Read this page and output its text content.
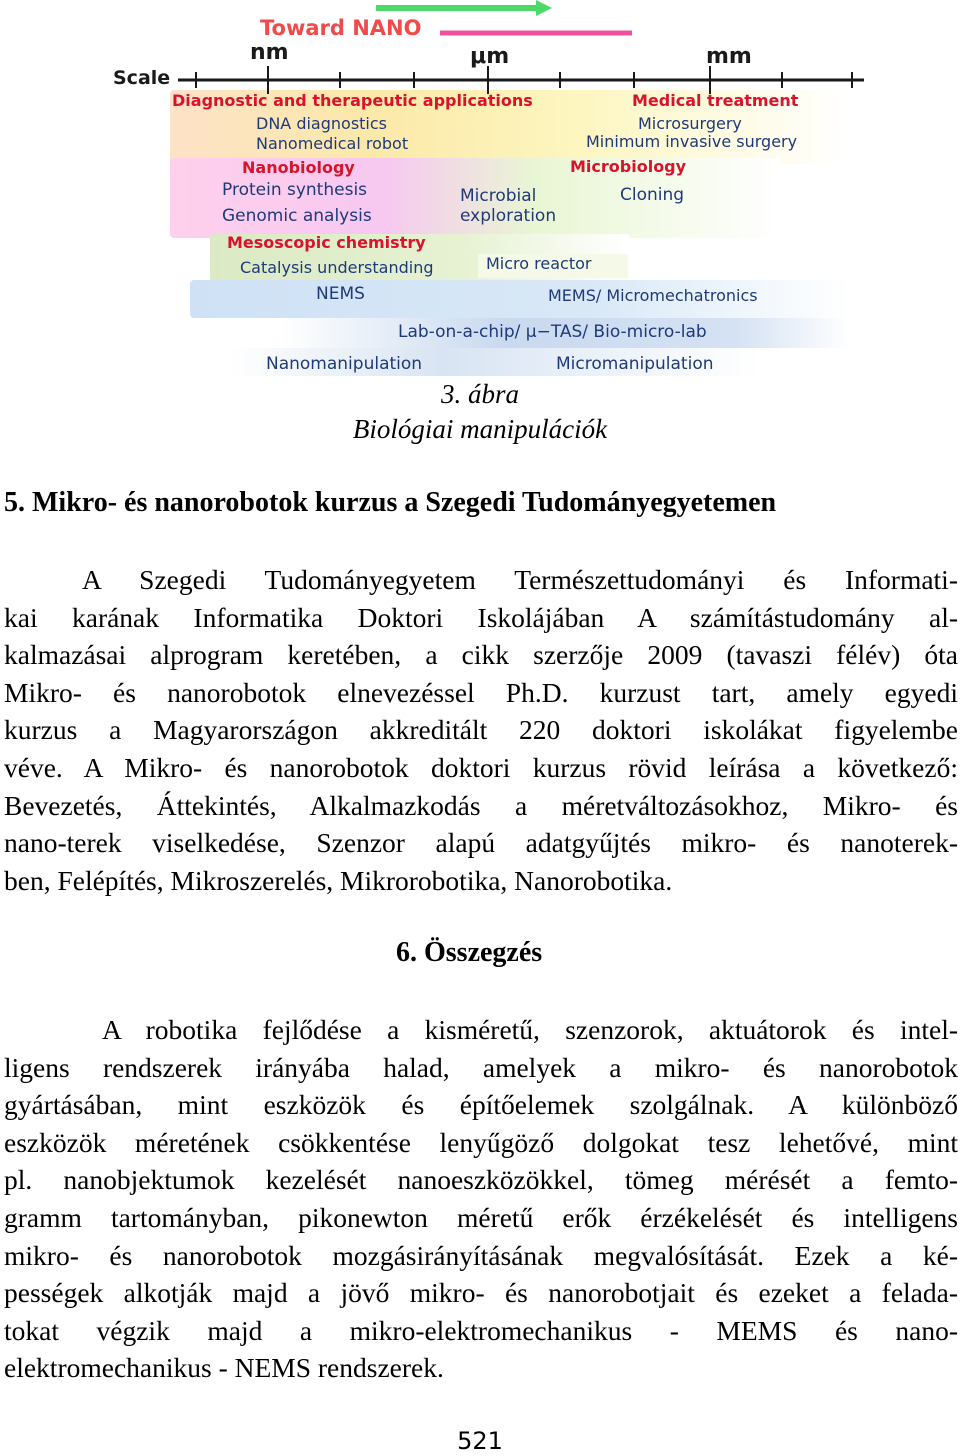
Toward NANO
nm	μm	mm
Scale
Diagnostic and therapeutic applications	Medical treatment
DNA diagnostics
Nanomedical robot
Microsurgery
Minimum invasive surgery
Nanobiology	Microbiology
Protein synthesis
Genomic analysis
Microbial
exploration
Cloning
Mesoscopic chemistry
Catalysis understanding	Micro reactor
NEMS	MEMS/ Micromechatronics
Lab-on-a-chip/ μ−TAS/ Bio-micro-lab
Nanomanipulation	Micromanipulation
3. ábra
Biológiai manipulációk
5. Mikro- és nanorobotok kurzus a Szegedi Tudományegyetemen
A Szegedi Tudományegyetem Természettudományi és Informati-
kai karának Informatika Doktori Iskolájában A számítástudomány al-
kalmazásai alprogram keretében, a cikk szerzője 2009 (tavaszi félév) óta
Mikro- és nanorobotok elnevezéssel Ph.D. kurzust tart, amely egyedi
kurzus a Magyarországon akkreditált 220 doktori iskolákat figyelembe
véve. A Mikro- és nanorobotok doktori kurzus rövid leírása a következő:
Bevezetés, Áttekintés, Alkalmazkodás a méretváltozásokhoz, Mikro- és
nano-terek viselkedése, Szenzor alapú adatgyűjtés mikro- és nanoterek-
ben, Felépítés, Mikroszerelés, Mikrorobotika, Nanorobotika.
6. Összegzés
A robotika fejlődése a kisméretű, szenzorok, aktuátorok és intel-
ligens rendszerek irányába halad, amelyek a mikro- és nanorobotok
gyártásában, mint eszközök és építőelemek szolgálnak. A különböző
eszközök méretének csökkentése lenyűgöző dolgokat tesz lehetővé, mint
pl. nanobjektumok kezelését nanoeszközökkel, tömeg mérését a femto-
gramm tartományban, pikonewton méretű erők érzékelését és intelligens
mikro- és nanorobotok mozgásirányításának megvalósítását. Ezek a ké-
pességek alkotják majd a jövő mikro- és nanorobotjait és ezeket a felada-
tokat végzik majd a mikro-elektromechanikus - MEMS és nano-
elektromechanikus - NEMS rendszerek.
521
